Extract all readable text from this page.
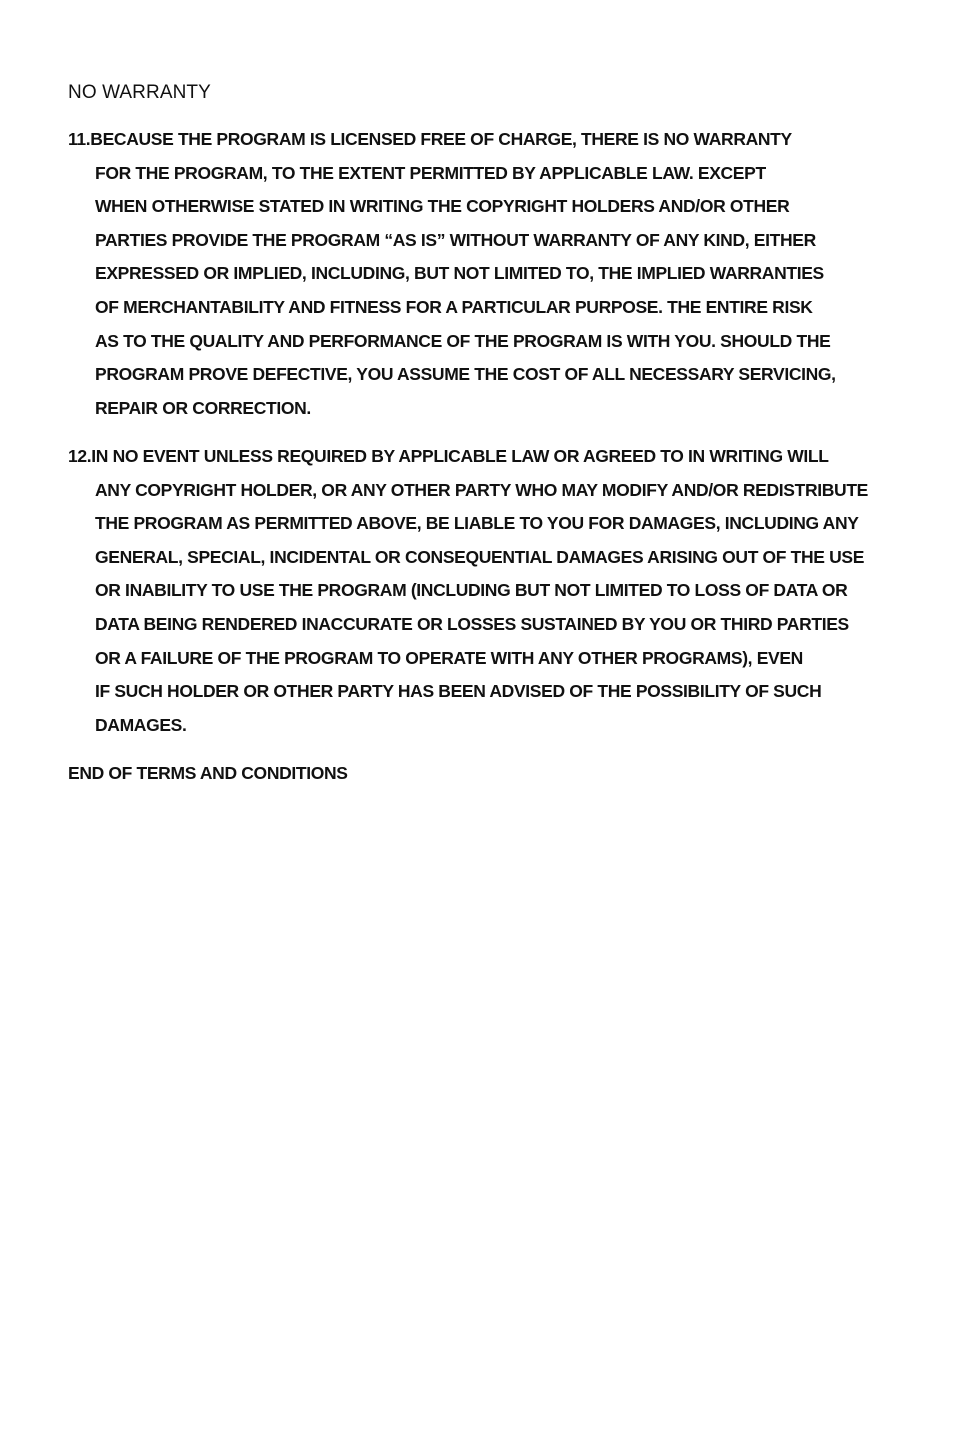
NO WARRANTY
11.BECAUSE THE PROGRAM IS LICENSED FREE OF CHARGE, THERE IS NO WARRANTY
FOR THE PROGRAM, TO THE EXTENT PERMITTED BY APPLICABLE LAW. EXCEPT
WHEN OTHERWISE STATED IN WRITING THE COPYRIGHT HOLDERS AND/OR OTHER
PARTIES PROVIDE THE PROGRAM “AS IS” WITHOUT WARRANTY OF ANY KIND, EITHER
EXPRESSED OR IMPLIED, INCLUDING, BUT NOT LIMITED TO, THE IMPLIED WARRANTIES
OF MERCHANTABILITY AND FITNESS FOR A PARTICULAR PURPOSE. THE ENTIRE RISK
AS TO THE QUALITY AND PERFORMANCE OF THE PROGRAM IS WITH YOU. SHOULD THE
PROGRAM PROVE DEFECTIVE, YOU ASSUME THE COST OF ALL NECESSARY SERVICING,
REPAIR OR CORRECTION.
12.IN NO EVENT UNLESS REQUIRED BY APPLICABLE LAW OR AGREED TO IN WRITING WILL
ANY COPYRIGHT HOLDER, OR ANY OTHER PARTY WHO MAY MODIFY AND/OR REDISTRIBUTE
THE PROGRAM AS PERMITTED ABOVE, BE LIABLE TO YOU FOR DAMAGES, INCLUDING ANY
GENERAL, SPECIAL, INCIDENTAL OR CONSEQUENTIAL DAMAGES ARISING OUT OF THE USE
OR INABILITY TO USE THE PROGRAM (INCLUDING BUT NOT LIMITED TO LOSS OF DATA OR
DATA BEING RENDERED INACCURATE OR LOSSES SUSTAINED BY YOU OR THIRD PARTIES
OR A FAILURE OF THE PROGRAM TO OPERATE WITH ANY OTHER PROGRAMS), EVEN
IF SUCH HOLDER OR OTHER PARTY HAS BEEN ADVISED OF THE POSSIBILITY OF SUCH
DAMAGES.
END OF TERMS AND CONDITIONS
